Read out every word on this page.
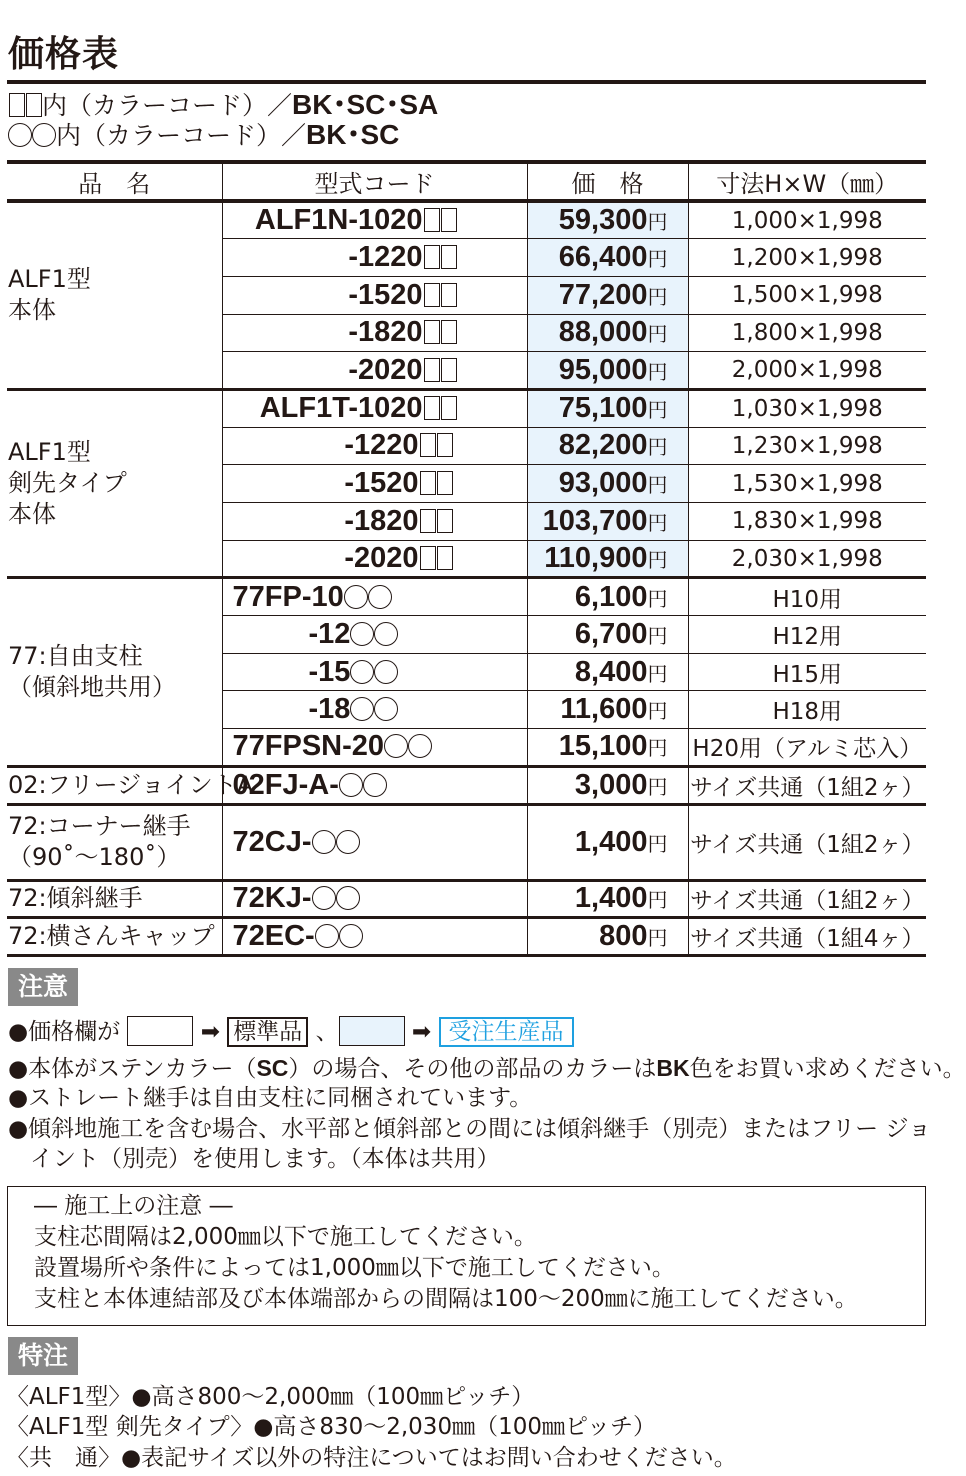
価格表
内（カラーコード）／BK･SC･SA
内（カラーコード）／BK･SC
品　名	型式コード	価　格	寸法H×W（㎜）

ALF1型
本体	ALF1N-1020	59,300円	1,000×1,998
	-1220	66,400円	1,200×1,998
	-1520	77,200円	1,500×1,998
	-1820	88,000円	1,800×1,998
	-2020	95,000円	2,000×1,998

ALF1型
剣先タイプ
本体	ALF1T-1020	75,100円	1,030×1,998
	-1220	82,200円	1,230×1,998
	-1520	93,000円	1,530×1,998
	-1820	103,700円	1,830×1,998
	-2020	110,900円	2,030×1,998

77:自由支柱
（傾斜地共用）	77FP-10	6,100円	H10用
	-12	6,700円	H12用
	-15	8,400円	H15用
	-18	11,600円	H18用
	77FPSN-20	15,100円	H20用（アルミ芯入）

02:フリージョイントA	02FJ-A-	3,000円	サイズ共通（1組2ヶ）

72:コーナー継手
（90˚～180˚）	72CJ-	1,400円	サイズ共通（1組2ヶ）

72:傾斜継手	72KJ-	1,400円	サイズ共通（1組2ヶ）

72:横さんキャップ	72EC-	800円	サイズ共通（1組4ヶ）
注意
●価格欄が	➡ 標準品 、	➡ 受注生産品
●本体がステンカラー（SC）の場合、その他の部品のカラーはBK色をお買い求めください。
●ストレート継手は自由支柱に同梱されています。
●傾斜地施工を含む場合、水平部と傾斜部との間には傾斜継手（別売）またはフリー ジョ
イント（別売）を使用します。（本体は共用）
― 施工上の注意 ―
支柱芯間隔は2,000㎜以下で施工してください。
設置場所や条件によっては1,000㎜以下で施工してください。
支柱と本体連結部及び本体端部からの間隔は100～200㎜に施工してください。
特注
〈ALF1型〉●高さ800～2,000㎜（100㎜ピッチ）
〈ALF1型 剣先タイプ〉●高さ830～2,030㎜（100㎜ピッチ）
〈共　通〉●表記サイズ以外の特注についてはお問い合わせください。
